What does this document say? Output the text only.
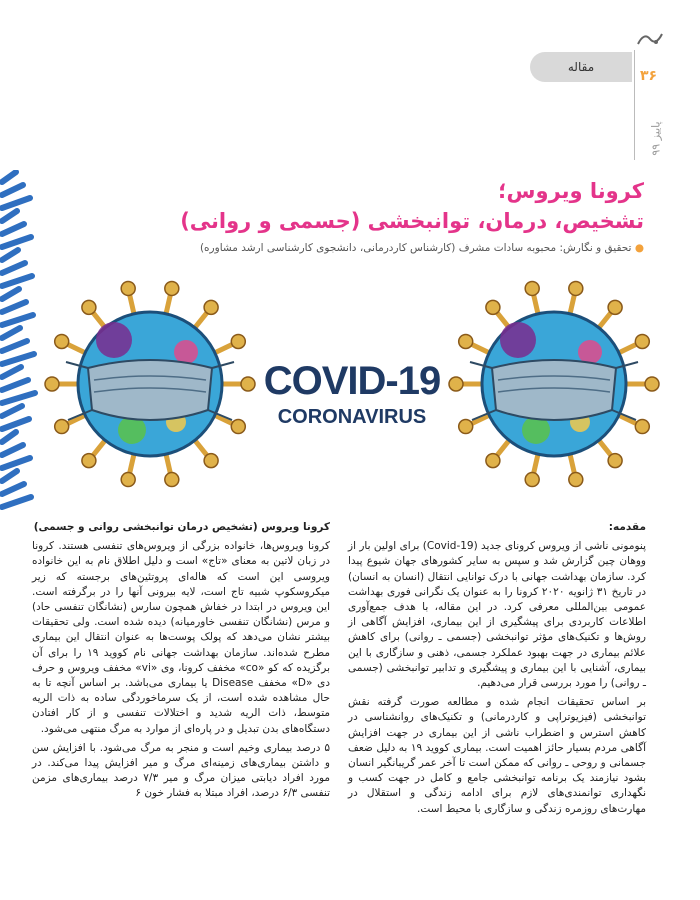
مقاله
۳۶
پاییز ۹۹
کرونا ویروس؛
تشخیص، درمان، توانبخشی (جسمی و روانی)
● تحقیق و نگارش: محبوبه سادات مشرف (کارشناس کاردرمانی، دانشجوی کارشناسی ارشد مشاوره)
COVID-19
CORONAVIRUS

مقدمه:

پنومونی ناشی از ویروس کرونای جدید (Covid-19) برای اولین بار از ووهان چین گزارش شد و سپس به سایر کشورهای جهان شیوع پیدا کرد. سازمان بهداشت جهانی با درک توانایی انتقال (انسان به انسان) در تاریخ ۳۱ ژانویه ۲۰۲۰ کرونا را به عنوان یک نگرانی فوری بهداشت عمومی بین‌المللی معرفی کرد. در این مقاله، با هدف جمع‌آوری اطلاعات کاربردی برای پیشگیری از این بیماری، افزایش آگاهی از روش‌ها و تکنیک‌های مؤثر توانبخشی (جسمی ـ روانی) برای کاهش علائم بیماری در جهت بهبود عملکرد جسمی، ذهنی و سازگاری با این بیماری، آشنایی با این بیماری و پیشگیری و تدابیر توانبخشی (جسمی ـ روانی) را مورد بررسی قرار می‌دهیم.

بر اساس تحقیقات انجام شده و مطالعه صورت گرفته نقش توانبخشی (فیزیوتراپی و کاردرمانی) و تکنیک‌های روانشناسی در کاهش استرس و اضطراب ناشی از این بیماری در جهت افزایش آگاهی مردم بسیار حائز اهمیت است. بیماری کووید ۱۹ به دلیل ضعف جسمانی و روحی ـ روانی که ممکن است تا آخر عمر گریبانگیر انسان بشود نیازمند یک برنامه توانبخشی جامع و کامل در جهت کسب و نگهداری توانمندی‌های لازم برای ادامه زندگی و استقلال در مهارت‌های روزمره زندگی و سازگاری با محیط است.

کرونا ویروس (تشخیص درمان توانبخشی روانی و جسمی)

کرونا ویروس‌ها، خانواده بزرگی از ویروس‌های تنفسی هستند. کرونا در زبان لاتین به معنای «تاج» است و دلیل اطلاق نام به این خانواده ویروسی این است که هاله‌ای پروتئین‌های برجسته که زیر میکروسکوپ شبیه تاج است، لایه بیرونی آنها را در برگرفته است. این ویروس در ابتدا در خفاش همچون سارس (نشانگان تنفسی حاد) و مرس (نشانگان تنفسی خاورمیانه) دیده شده است. ولی تحقیقات بیشتر نشان می‌دهد که پولک پوست‌ها به عنوان انتقال این بیماری مطرح شده‌اند. سازمان بهداشت جهانی نام کووید ۱۹ را برای آن برگزیده که کو «co» مخفف کرونا، وی «vi» مخفف ویروس و حرف دی «D» مخفف Disease یا بیماری می‌باشد. بر اساس آنچه تا به حال مشاهده شده است، از یک سرماخوردگی ساده به ذات الریه متوسط، ذات الریه شدید و اختلالات تنفسی و از کار افتادن دستگاه‌های بدن تبدیل و در پاره‌ای از موارد به مرگ منتهی می‌شود.

۵ درصد بیماری وخیم است و منجر به مرگ می‌شود. با افزایش سن و داشتن بیماری‌های زمینه‌ای مرگ و میر افزایش پیدا می‌کند. در مورد افراد دیابتی میزان مرگ و میر ۷/۳ درصد بیماری‌های مزمن تنفسی ۶/۳ درصد، افراد مبتلا به فشار خون ۶
